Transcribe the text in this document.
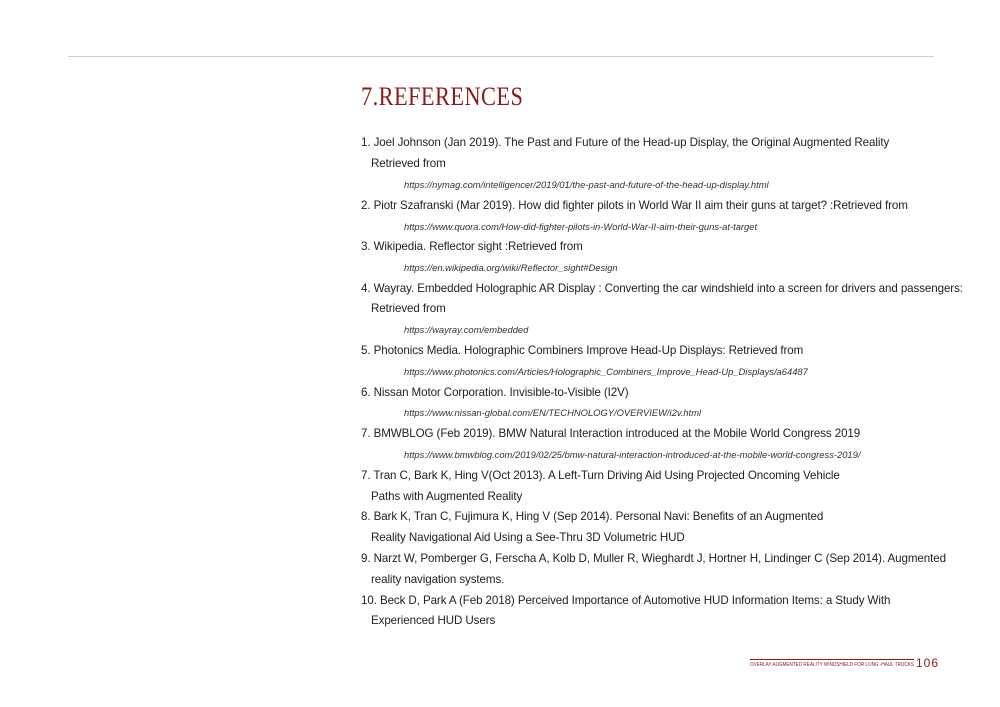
7.REFERENCES
1. Joel Johnson (Jan 2019). The Past and Future of the Head-up Display, the Original Augmented Reality
Retrieved from
https://nymag.com/intelligencer/2019/01/the-past-and-future-of-the-head-up-display.html
2. Piotr Szafranski (Mar 2019). How did fighter pilots in World War II aim their guns at target? :Retrieved from
https://www.quora.com/How-did-fighter-pilots-in-World-War-II-aim-their-guns-at-target
3. Wikipedia. Reflector sight :Retrieved from
https://en.wikipedia.org/wiki/Reflector_sight#Design
4. Wayray. Embedded Holographic AR Display : Converting the car windshield into a screen for drivers and passengers:
Retrieved from
https://wayray.com/embedded
5. Photonics Media. Holographic Combiners Improve Head-Up Displays: Retrieved from
https://www.photonics.com/Articles/Holographic_Combiners_Improve_Head-Up_Displays/a64487
6. Nissan Motor Corporation. Invisible-to-Visible (I2V)
https://www.nissan-global.com/EN/TECHNOLOGY/OVERVIEW/i2v.html
7. BMWBLOG (Feb 2019). BMW Natural Interaction introduced at the Mobile World Congress 2019
https://www.bmwblog.com/2019/02/25/bmw-natural-interaction-introduced-at-the-mobile-world-congress-2019/
7. Tran C, Bark K, Hing V(Oct 2013). A Left-Turn Driving Aid Using Projected Oncoming Vehicle
Paths with Augmented Reality
8. Bark K, Tran C, Fujimura K, Hing V (Sep 2014). Personal Navi: Benefits of an Augmented
Reality Navigational Aid Using a See-Thru 3D Volumetric HUD
9. Narzt W, Pomberger G, Ferscha A, Kolb D, Muller R, Wieghardt J, Hortner H, Lindinger C (Sep 2014). Augmented
reality navigation systems.
10. Beck D, Park A (Feb 2018) Perceived Importance of Automotive HUD Information Items: a Study With
Experienced HUD Users
OVERLAY AUGMENTED REALITY WINDSHIELD FOR LONG -HAUL TRUCKS 106
